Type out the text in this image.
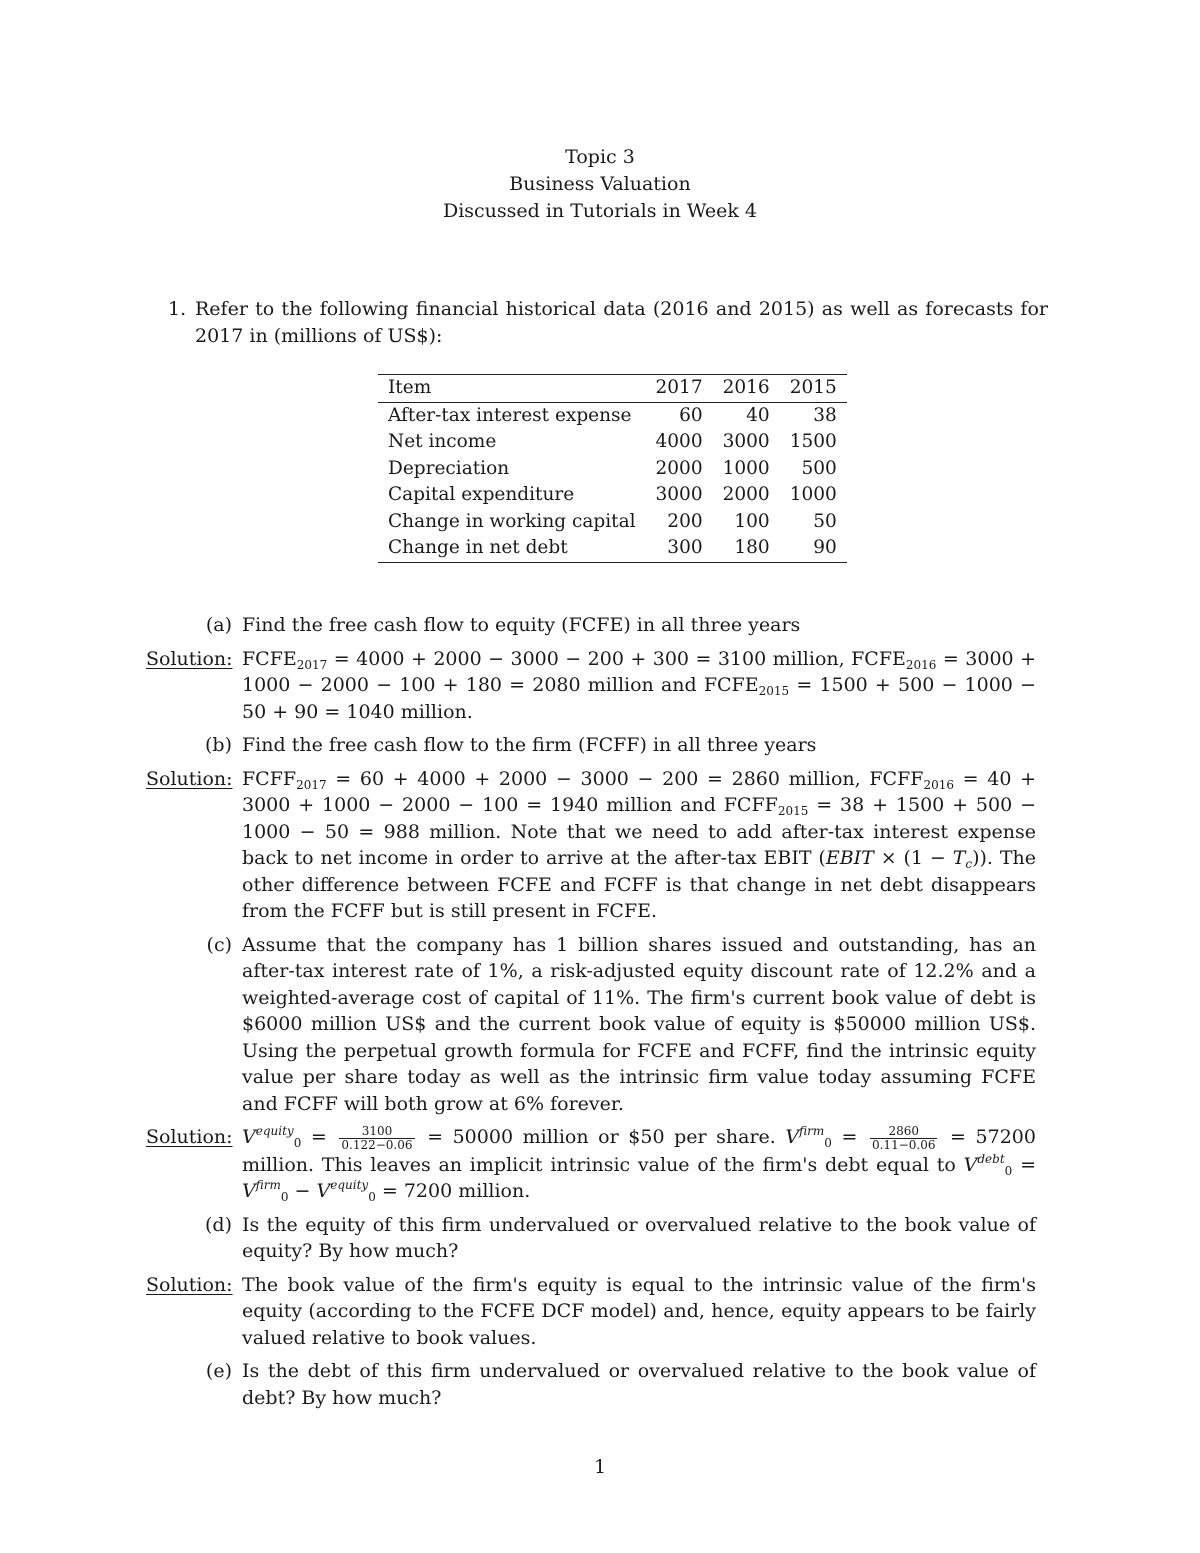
Topic 3
Business Valuation
Discussed in Tutorials in Week 4
1. Refer to the following financial historical data (2016 and 2015) as well as forecasts for 2017 in (millions of US$):
Item	2017	2016	2015
After-tax interest expense	60	40	38
Net income	4000	3000	1500
Depreciation	2000	1000	500
Capital expenditure	3000	2000	1000
Change in working capital	200	100	50
Change in net debt	300	180	90
(a) Find the free cash flow to equity (FCFE) in all three years
Solution: $FCFE_{2017} = 4000 + 2000 - 3000 - 200 + 300 = 3100$ million, $FCFE_{2016} = 3000 + 1000 - 2000 - 100 + 180 = 2080$ million and $FCFE_{2015} = 1500 + 500 - 1000 - 50 + 90 = 1040$ million.
(b) Find the free cash flow to the firm (FCFF) in all three years
Solution: $FCFF_{2017} = 60 + 4000 + 2000 - 3000 - 200 = 2860$ million, $FCFF_{2016} = 40 + 3000 + 1000 - 2000 - 100 = 1940$ million and $FCFF_{2015} = 38 + 1500 + 500 - 1000 - 50 = 988$ million. Note that we need to add after-tax interest expense back to net income in order to arrive at the after-tax EBIT (EBIT × $(1 - T_c)$). The other difference between FCFE and FCFF is that change in net debt disappears from the FCFF but is still present in FCFE.
(c) Assume that the company has 1 billion shares issued and outstanding, has an after-tax interest rate of 1%, a risk-adjusted equity discount rate of 12.2% and a weighted-average cost of capital of 11%. The firm's current book value of debt is $6000 million US$ and the current book value of equity is $50000 million US$. Using the perpetual growth formula for FCFE and FCFF, find the intrinsic equity value per share today as well as the intrinsic firm value today assuming FCFE and FCFF will both grow at 6% forever.
Solution: $V^{equity}_0 = \frac{3100}{0.122-0.06} = 50000$ million or $50 per share. $V^{firm}_0 = \frac{2860}{0.11-0.06} = 57200$ million. This leaves an implicit intrinsic value of the firm's debt equal to $V^{debt}_0 = V^{firm}_0 - V^{equity}_0 = 7200$ million.
(d) Is the equity of this firm undervalued or overvalued relative to the book value of equity? By how much?
Solution: The book value of the firm's equity is equal to the intrinsic value of the firm's equity (according to the FCFE DCF model) and, hence, equity appears to be fairly valued relative to book values.
(e) Is the debt of this firm undervalued or overvalued relative to the book value of debt? By how much?
1
